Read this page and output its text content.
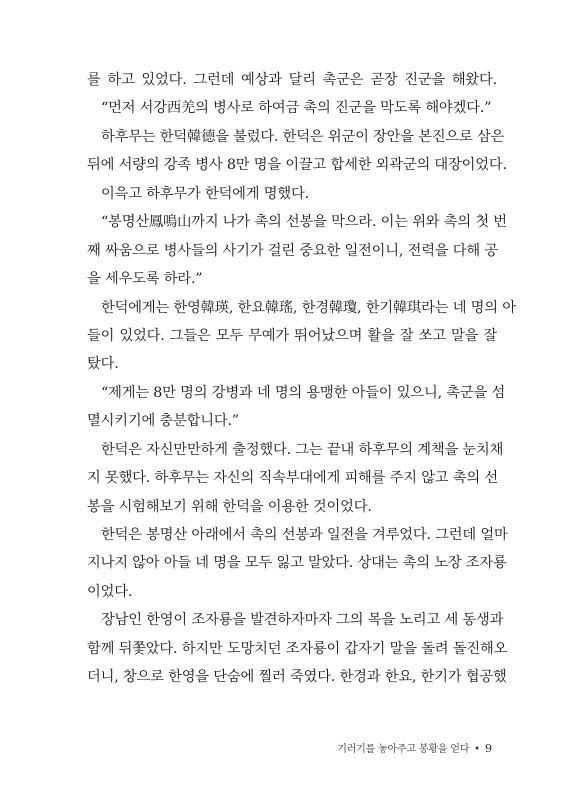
를 하고 있었다. 그런데 예상과 달리 촉군은 곧장 진군을 해왔다.
“먼저 서강西羌의 병사로 하여금 촉의 진군을 막도록 해야겠다.”
하후무는 한덕韓德을 불렀다. 한덕은 위군이 장안을 본진으로 삼은
뒤에 서량의 강족 병사 8만 명을 이끌고 합세한 외곽군의 대장이었다.
이윽고 하후무가 한덕에게 명했다.
“봉명산鳳鳴山까지 나가 촉의 선봉을 막으라. 이는 위와 촉의 첫 번
째 싸움으로 병사들의 사기가 걸린 중요한 일전이니, 전력을 다해 공
을 세우도록 하라.”
한덕에게는 한영韓瑛, 한요韓瑤, 한경韓瓊, 한기韓琪라는 네 명의 아
들이 있었다. 그들은 모두 무예가 뛰어났으며 활을 잘 쏘고 말을 잘
탔다.
“제게는 8만 명의 강병과 네 명의 용맹한 아들이 있으니, 촉군을 섬
멸시키기에 충분합니다.”
한덕은 자신만만하게 출정했다. 그는 끝내 하후무의 계책을 눈치채
지 못했다. 하후무는 자신의 직속부대에게 피해를 주지 않고 촉의 선
봉을 시험해보기 위해 한덕을 이용한 것이었다.
한덕은 봉명산 아래에서 촉의 선봉과 일전을 겨루었다. 그런데 얼마
지나지 않아 아들 네 명을 모두 잃고 말았다. 상대는 촉의 노장 조자룡
이었다.
장남인 한영이 조자룡을 발견하자마자 그의 목을 노리고 세 동생과
함께 뒤쫓았다. 하지만 도망치던 조자룡이 갑자기 말을 돌려 돌진해오
더니, 창으로 한영을 단숨에 찔러 죽였다. 한경과 한요, 한기가 협공했
기러기를 놓아주고 봉황을 얻다 • 9
